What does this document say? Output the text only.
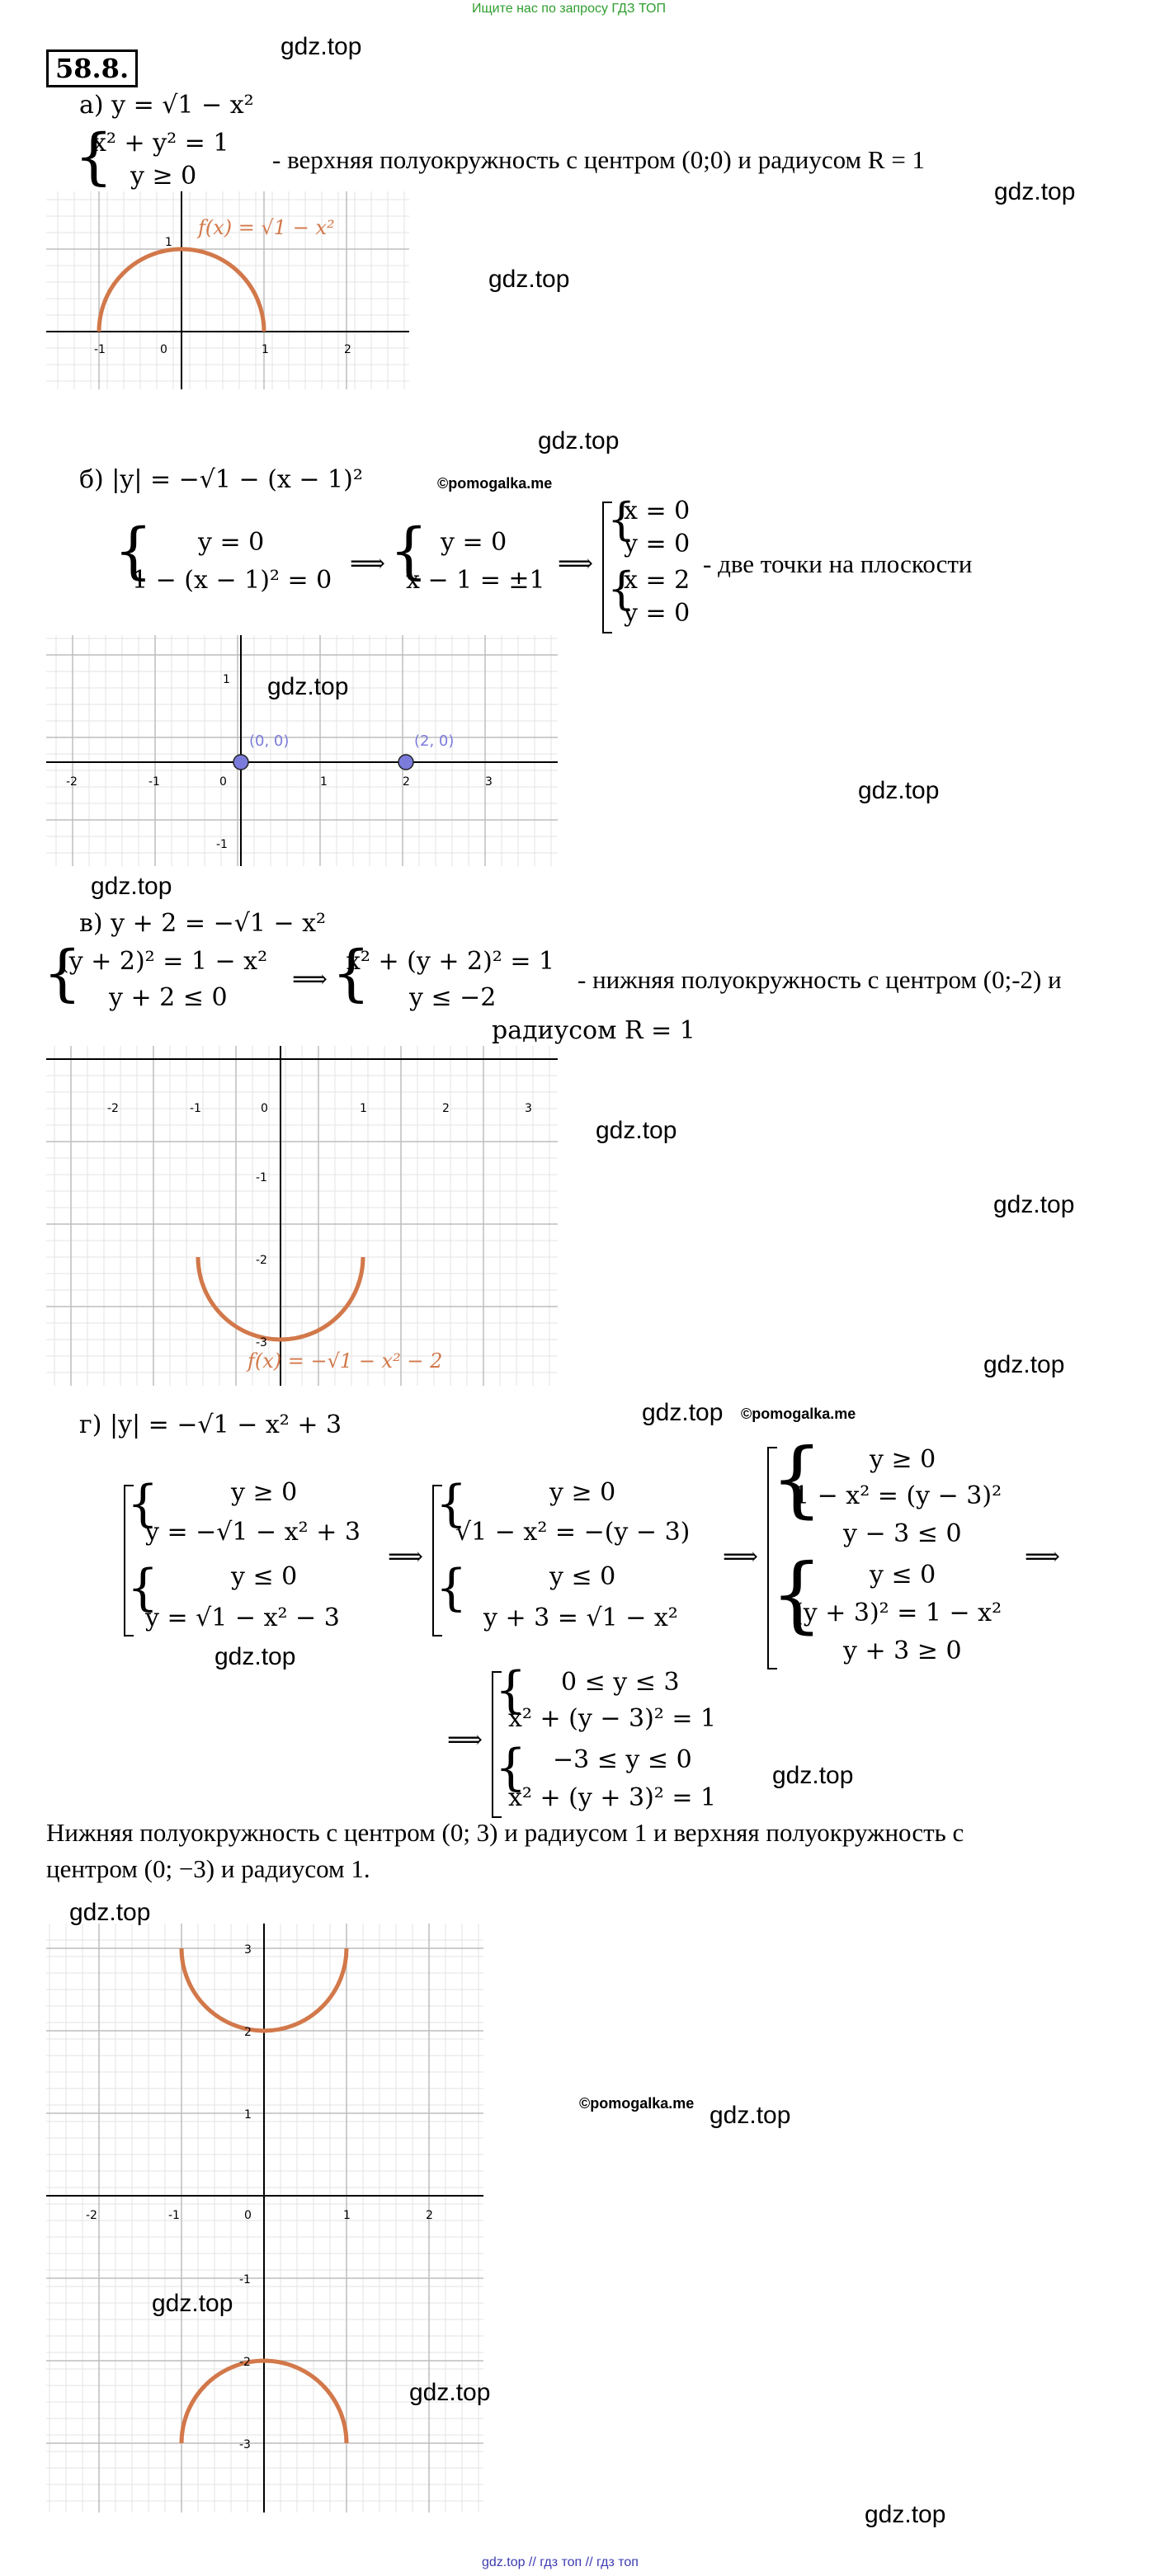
Ищите нас по запросу ГДЗ ТОП
58.8.
gdz.top
а) y = √1 − x²
{
x² + y² = 1
y ≥ 0
- верхняя полуокружность с центром (0;0) и радиусом R = 1
gdz.top
gdz.top
-1	0	1	2
1
f(x) = √1 − x²
gdz.top
б) |y| = −√1 − (x − 1)²	©pomogalka.me
{ y = 0
1 − (x − 1)² = 0
⟹ { y = 0
x − 1 = ±1
⟹
{
{
x = 0
y = 0
x = 2
y = 0
- две точки на плоскости
(0, 0)	(2, 0)
-2	-1	0	1	2	3
1
-1
gdz.top
gdz.top
gdz.top
в) y + 2 = −√1 − x²
{
(y + 2)² = 1 − x²
y + 2 ≤ 0
⟹ {
x² + (y + 2)² = 1
y ≤ −2
- нижняя полуокружность с центром (0;-2) и
радиусом R = 1
-2	-1	0	1	2	3
-1
-2
-3
f(x) = −√1 − x² − 2
gdz.top
gdz.top
gdz.top
г) |y| = −√1 − x² + 3	gdz.top ©pomogalka.me
{
{
y ≥ 0
y = −√1 − x² + 3
y ≤ 0
y = √1 − x² − 3
⟹
gdz.top
{
{
y ≥ 0
√1 − x² = −(y − 3)
y ≤ 0
y + 3 = √1 − x²
⟹
{
{
y ≥ 0
1 − x² = (y − 3)²
y − 3 ≤ 0
y ≤ 0
(y + 3)² = 1 − x²
y + 3 ≥ 0
⟹
⟹
{
{
0 ≤ y ≤ 3
x² + (y − 3)² = 1
−3 ≤ y ≤ 0
x² + (y + 3)² = 1
gdz.top
Нижняя полуокружность с центром (0; 3) и радиусом 1 и верхняя полуокружность с
центром (0; −3) и радиусом 1.
gdz.top
-2	-1	0	1	2
3
2
1
-1
-2
-3
©pomogalka.me gdz.top
gdz.top
gdz.top
gdz.top
gdz.top // гдз топ // гдз топ
